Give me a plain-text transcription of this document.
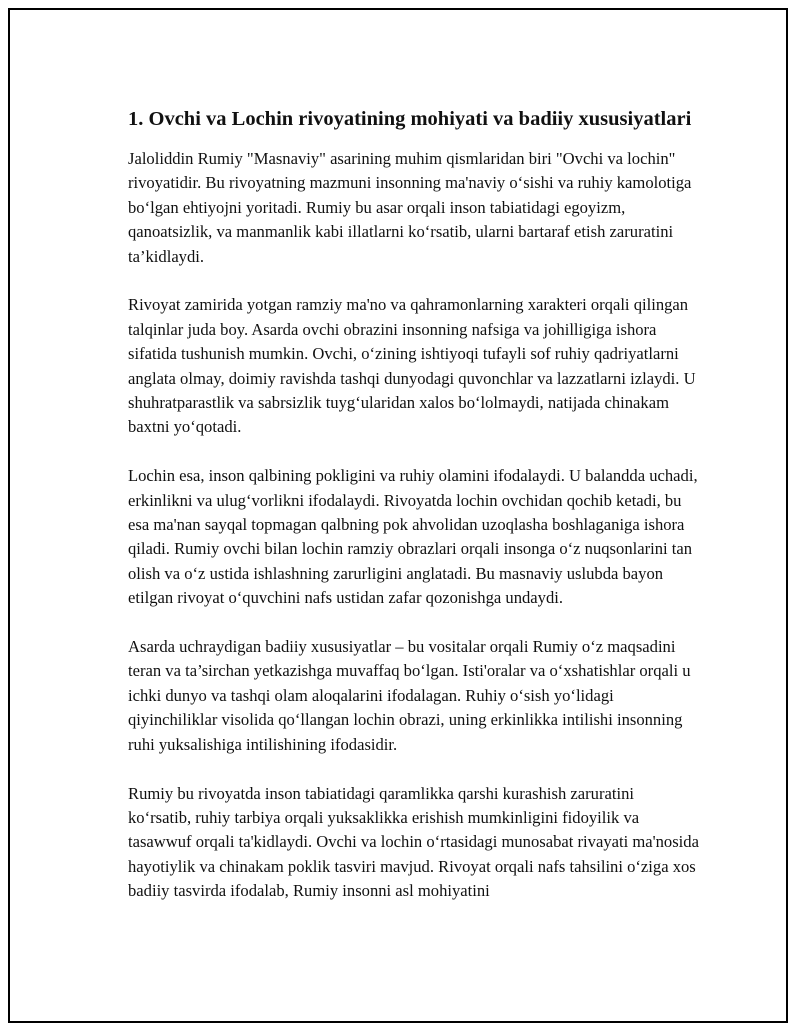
1. Ovchi va Lochin rivoyatining mohiyati va badiiy xususiyatlari

Jaloliddin Rumiy "Masnaviy" asarining muhim qismlaridan biri "Ovchi va lochin" rivoyatidir. Bu rivoyatning mazmuni insonning ma'naviy o‘sishi va ruhiy kamolotiga bo‘lgan ehtiyojni yoritadi. Rumiy bu asar orqali inson tabiatidagi egoyizm, qanoatsizlik, va manmanlik kabi illatlarni ko‘rsatib, ularni bartaraf etish zaruratini ta’kidlaydi.

Rivoyat zamirida yotgan ramziy ma'no va qahramonlarning xarakteri orqali qilingan talqinlar juda boy. Asarda ovchi obrazini insonning nafsiga va johilligiga ishora sifatida tushunish mumkin. Ovchi, o‘zining ishtiyoqi tufayli sof ruhiy qadriyatlarni anglata olmay, doimiy ravishda tashqi dunyodagi quvonchlar va lazzatlarni izlaydi. U shuhratparastlik va sabrsizlik tuyg‘ularidan xalos bo‘lolmaydi, natijada chinakam baxtni yo‘qotadi.

Lochin esa, inson qalbining pokligini va ruhiy olamini ifodalaydi. U balandda uchadi, erkinlikni va ulug‘vorlikni ifodalaydi. Rivoyatda lochin ovchidan qochib ketadi, bu esa ma'nan sayqal topmagan qalbning pok ahvolidan uzoqlasha boshlaganiga ishora qiladi. Rumiy ovchi bilan lochin ramziy obrazlari orqali insonga o‘z nuqsonlarini tan olish va o‘z ustida ishlashning zarurligini anglatadi. Bu masnaviy uslubda bayon etilgan rivoyat o‘quvchini nafs ustidan zafar qozonishga undaydi.

Asarda uchraydigan badiiy xususiyatlar – bu vositalar orqali Rumiy o‘z maqsadini teran va ta’sirchan yetkazishga muvaffaq bo‘lgan. Isti'oralar va o‘xshatishlar orqali u ichki dunyo va tashqi olam aloqalarini ifodalagan. Ruhiy o‘sish yo‘lidagi qiyinchiliklar visolida qo‘llangan lochin obrazi, uning erkinlikka intilishi insonning ruhi yuksalishiga intilishining ifodasidir.

Rumiy bu rivoyatda inson tabiatidagi qaramlikka qarshi kurashish zaruratini ko‘rsatib, ruhiy tarbiya orqali yuksaklikka erishish mumkinligini fidoyilik va tasawwuf orqali ta'kidlaydi. Ovchi va lochin o‘rtasidagi munosabat rivayati ma'nosida hayotiylik va chinakam poklik tasviri mavjud. Rivoyat orqali nafs tahsilini o‘ziga xos badiiy tasvirda ifodalab, Rumiy insonni asl mohiyatini
